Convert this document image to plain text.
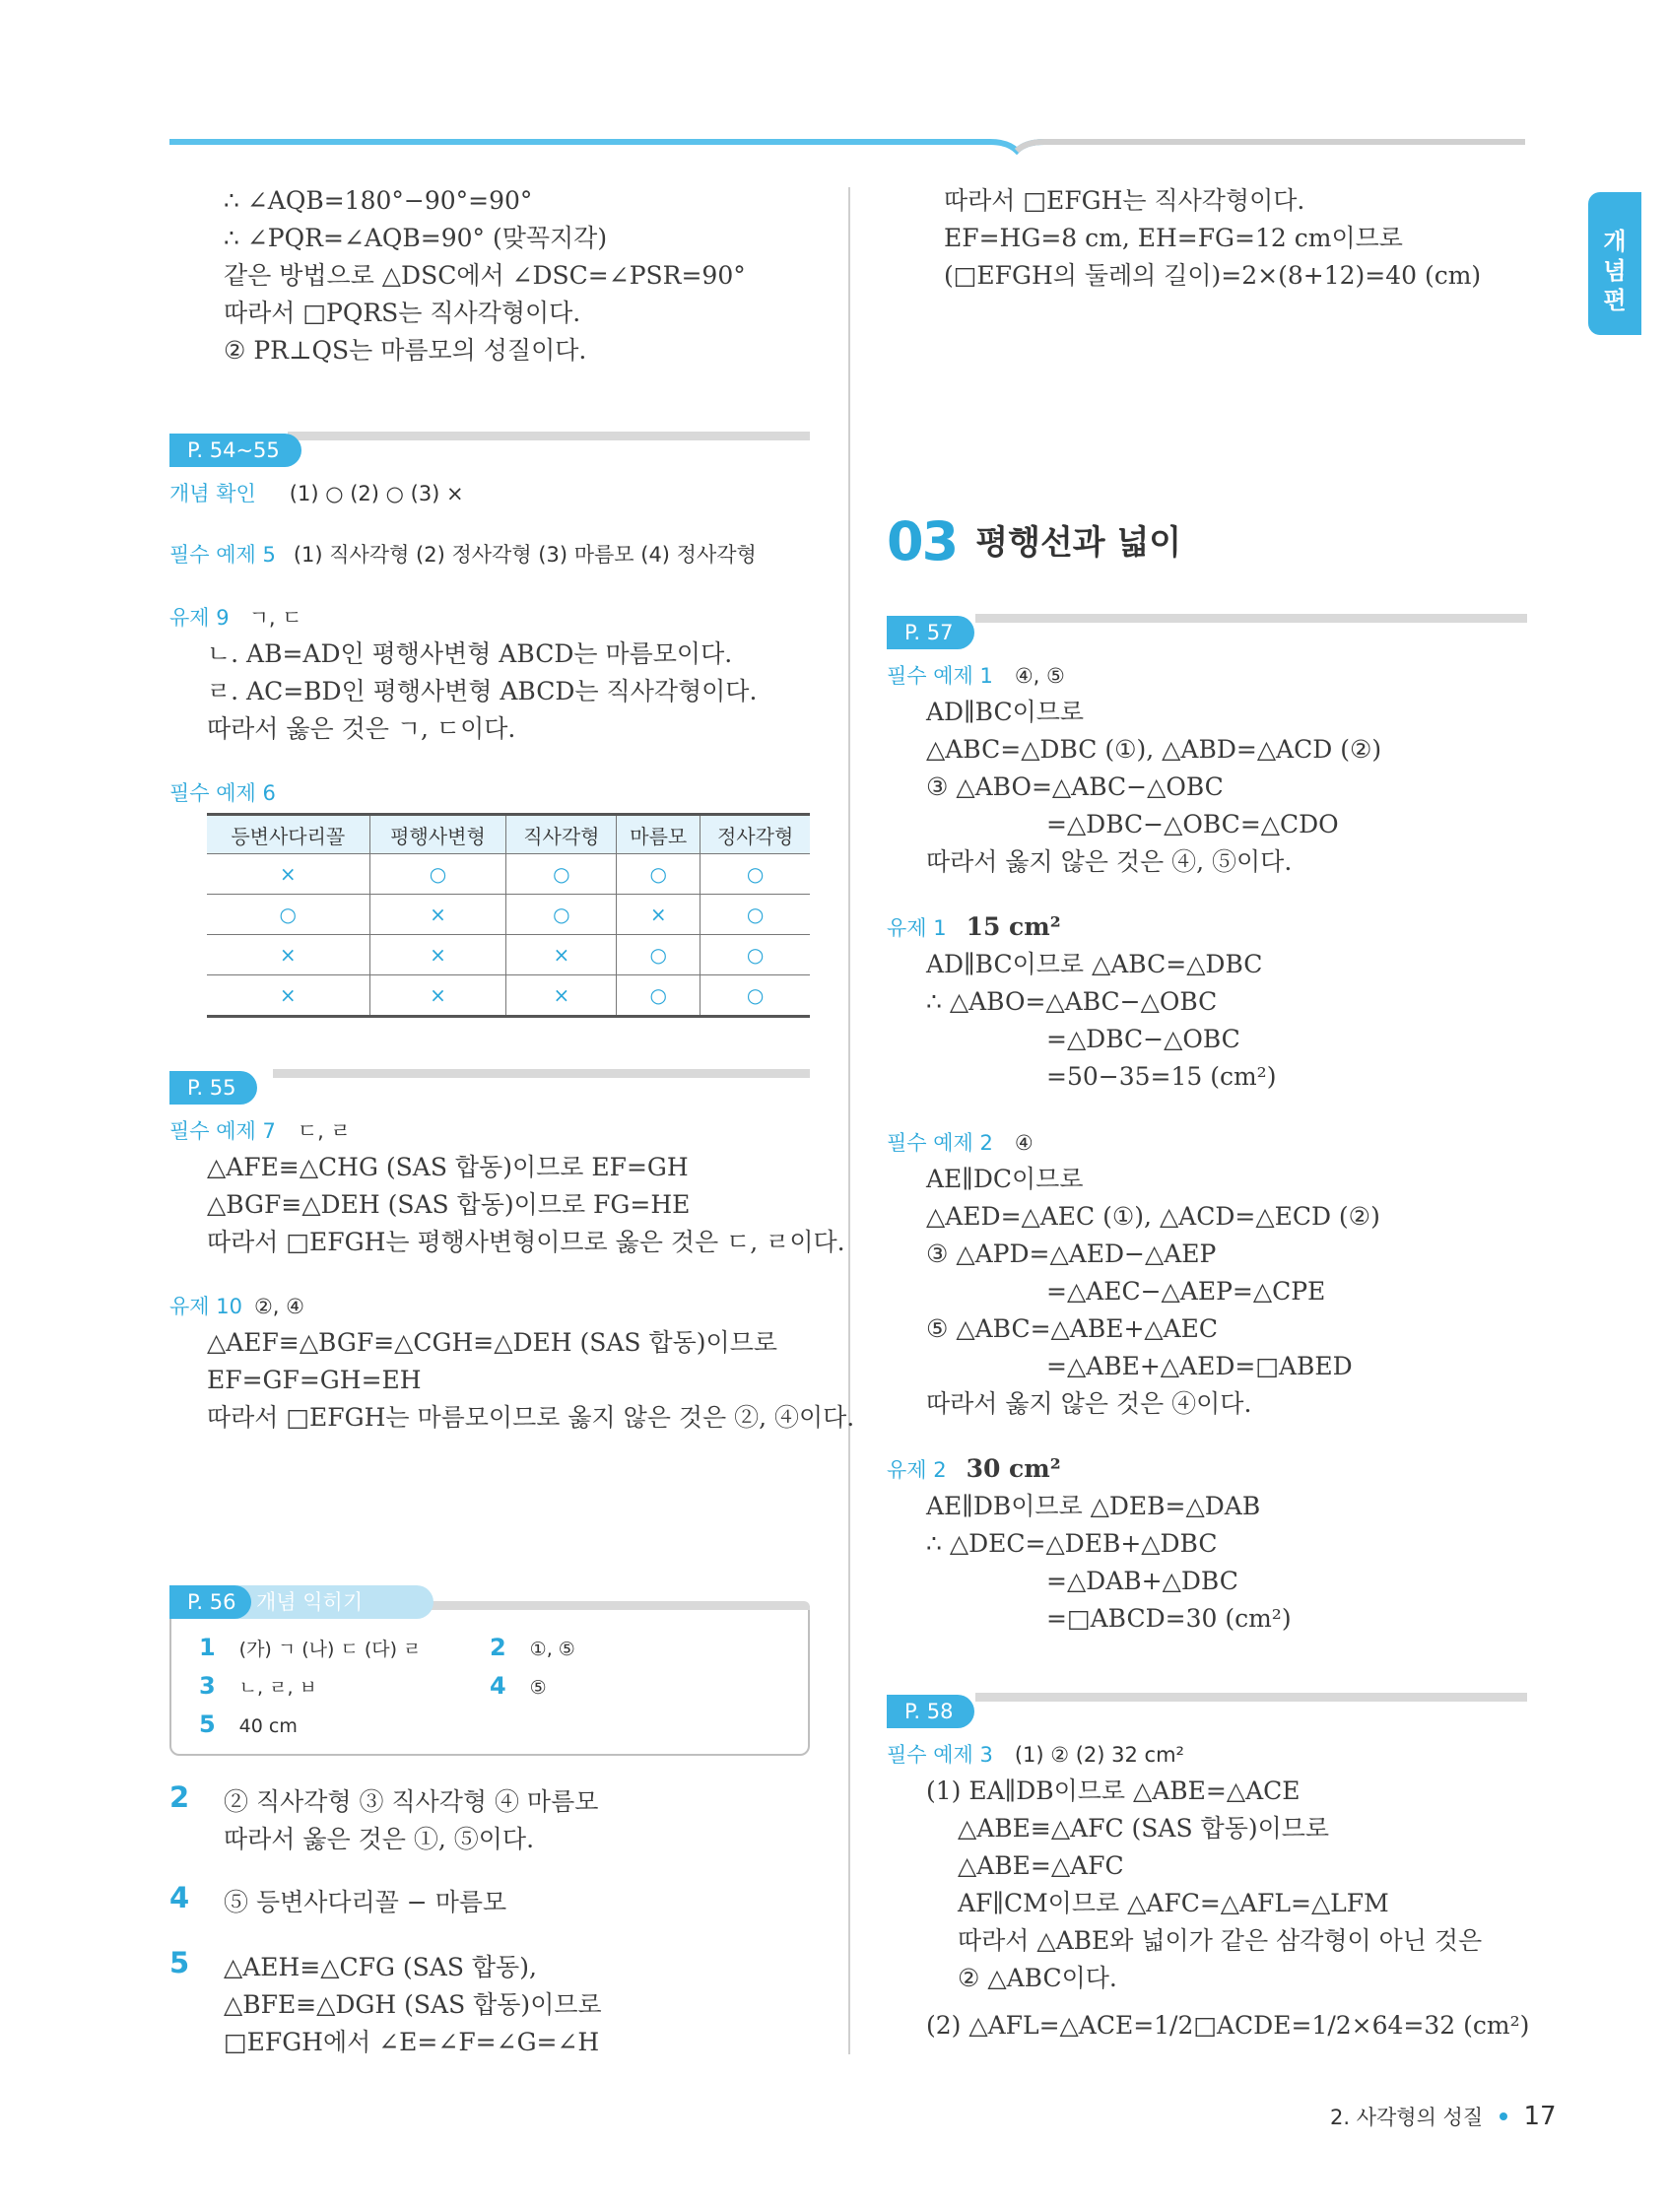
개념편
∴ ∠AQB=180°−90°=90°
∴ ∠PQR=∠AQB=90° (맞꼭지각)
같은 방법으로 △DSC에서 ∠DSC=∠PSR=90°
따라서 □PQRS는 직사각형이다.
② PR⊥QS는 마름모의 성질이다.
P. 54~55
개념 확인 (1) ○ (2) ○ (3) ×
필수 예제 5 (1) 직사각형 (2) 정사각형 (3) 마름모 (4) 정사각형
유제 9 ㄱ, ㄷ
ㄴ. AB=AD인 평행사변형 ABCD는 마름모이다.
ㄹ. AC=BD인 평행사변형 ABCD는 직사각형이다.
따라서 옳은 것은 ㄱ, ㄷ이다.
필수 예제 6
등변사다리꼴	평행사변형	직사각형	마름모	정사각형
×	○	○	○	○
○	×	○	×	○
×	×	×	○	○
×	×	×	○	○
P. 55
필수 예제 7 ㄷ, ㄹ
△AFE≡△CHG (SAS 합동)이므로 EF=GH
△BGF≡△DEH (SAS 합동)이므로 FG=HE
따라서 □EFGH는 평행사변형이므로 옳은 것은 ㄷ, ㄹ이다.
유제 10 ②, ④
△AEF≡△BGF≡△CGH≡△DEH (SAS 합동)이므로
EF=GF=GH=EH
따라서 □EFGH는 마름모이므로 옳지 않은 것은 ②, ④이다.
개념 익히기
P. 56
1 (가) ㄱ (나) ㄷ (다) ㄹ	2 ①, ⑤
3 ㄴ, ㄹ, ㅂ	4 ⑤
5 40 cm
2 ② 직사각형 ③ 직사각형 ④ 마름모
따라서 옳은 것은 ①, ⑤이다.
4 ⑤ 등변사다리꼴 − 마름모
5 △AEH≡△CFG (SAS 합동),
△BFE≡△DGH (SAS 합동)이므로
□EFGH에서 ∠E=∠F=∠G=∠H
따라서 □EFGH는 직사각형이다.
EF=HG=8 cm, EH=FG=12 cm이므로
(□EFGH의 둘레의 길이)=2×(8+12)=40 (cm)
03 평행선과 넓이
P. 57
필수 예제 1 ④, ⑤
AD∥BC이므로
△ABC=△DBC (①), △ABD=△ACD (②)
③ △ABO=△ABC−△OBC
=△DBC−△OBC=△CDO
따라서 옳지 않은 것은 ④, ⑤이다.
유제 1 15 cm²
AD∥BC이므로 △ABC=△DBC
∴ △ABO=△ABC−△OBC
=△DBC−△OBC
=50−35=15 (cm²)
필수 예제 2 ④
AE∥DC이므로
△AED=△AEC (①), △ACD=△ECD (②)
③ △APD=△AED−△AEP
=△AEC−△AEP=△CPE
⑤ △ABC=△ABE+△AEC
=△ABE+△AED=□ABED
따라서 옳지 않은 것은 ④이다.
유제 2 30 cm²
AE∥DB이므로 △DEB=△DAB
∴ △DEC=△DEB+△DBC
=△DAB+△DBC
=□ABCD=30 (cm²)
P. 58
필수 예제 3 (1) ② (2) 32 cm²
(1) EA∥DB이므로 △ABE=△ACE
△ABE≡△AFC (SAS 합동)이므로
△ABE=△AFC
AF∥CM이므로 △AFC=△AFL=△LFM
따라서 △ABE와 넓이가 같은 삼각형이 아닌 것은
② △ABC이다.
(2) △AFL=△ACE=1/2□ACDE=1/2×64=32 (cm²)
2. 사각형의 성질 17
